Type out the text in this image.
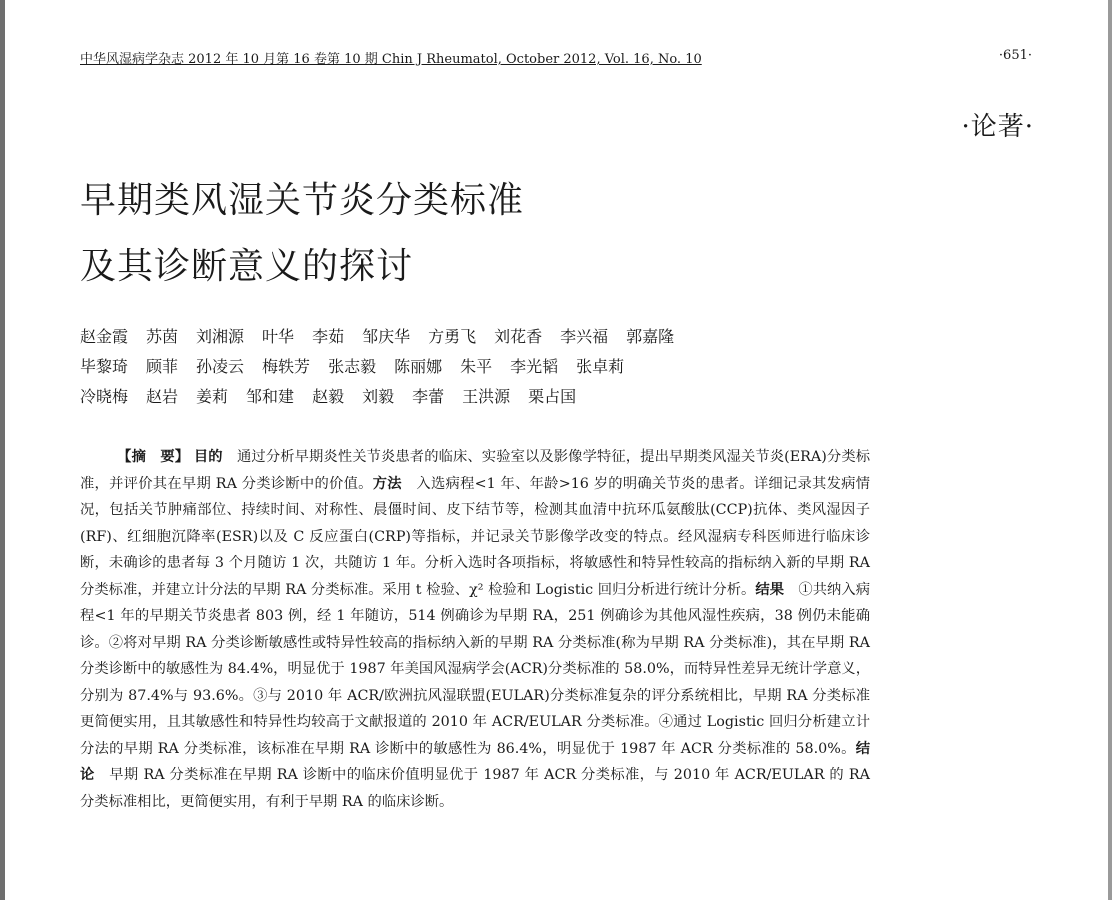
中华风湿病学杂志 2012 年 10 月第 16 卷第 10 期 Chin J Rheumatol, October 2012, Vol. 16, No. 10	·651·
·论著·
早期类风湿关节炎分类标准
及其诊断意义的探讨
赵金霞 苏茵 刘湘源 叶华 李茹 邹庆华 方勇飞 刘花香 李兴福 郭嘉隆
毕黎琦 顾菲 孙凌云 梅轶芳 张志毅 陈丽娜 朱平 李光韬 张卓莉
冷晓梅 赵岩 姜莉 邹和建 赵毅 刘毅 李蕾 王洪源 栗占国

【摘　要】 目的　 通过分析早期炎性关节炎患者的临床、实验室以及影像学特征，提出早期类风湿关节炎(ERA)分类标准，并评价其在早期 RA 分类诊断中的价值。方法　 入选病程<1 年、年龄>16 岁的明确关节炎的患者。详细记录其发病情况，包括关节肿痛部位、持续时间、对称性、晨僵时间、皮下结节等，检测其血清中抗环瓜氨酸肽(CCP)抗体、类风湿因子(RF)、红细胞沉降率(ESR)以及 C 反应蛋白(CRP)等指标，并记录关节影像学改变的特点。经风湿病专科医师进行临床诊断，未确诊的患者每 3 个月随访 1 次，共随访 1 年。分析入选时各项指标，将敏感性和特异性较高的指标纳入新的早期 RA 分类标准，并建立计分法的早期 RA 分类标准。采用 t 检验、χ² 检验和 Logistic 回归分析进行统计分析。结果　 ①共纳入病程<1 年的早期关节炎患者 803 例，经 1 年随访，514 例确诊为早期 RA，251 例确诊为其他风湿性疾病，38 例仍未能确诊。②将对早期 RA 分类诊断敏感性或特异性较高的指标纳入新的早期 RA 分类标准(称为早期 RA 分类标准)，其在早期 RA 分类诊断中的敏感性为 84.4%，明显优于 1987 年美国风湿病学会(ACR)分类标准的 58.0%，而特异性差异无统计学意义，分别为 87.4%与 93.6%。③与 2010 年 ACR/欧洲抗风湿联盟(EULAR)分类标准复杂的评分系统相比，早期 RA 分类标准更简便实用，且其敏感性和特异性均较高于文献报道的 2010 年 ACR/EULAR 分类标准。④通过 Logistic 回归分析建立计分法的早期 RA 分类标准，该标准在早期 RA 诊断中的敏感性为 86.4%，明显优于 1987 年 ACR 分类标准的 58.0%。结论　 早期 RA 分类标准在早期 RA 诊断中的临床价值明显优于 1987 年 ACR 分类标准，与 2010 年 ACR/EULAR 的 RA 分类标准相比，更简便实用，有利于早期 RA 的临床诊断。
